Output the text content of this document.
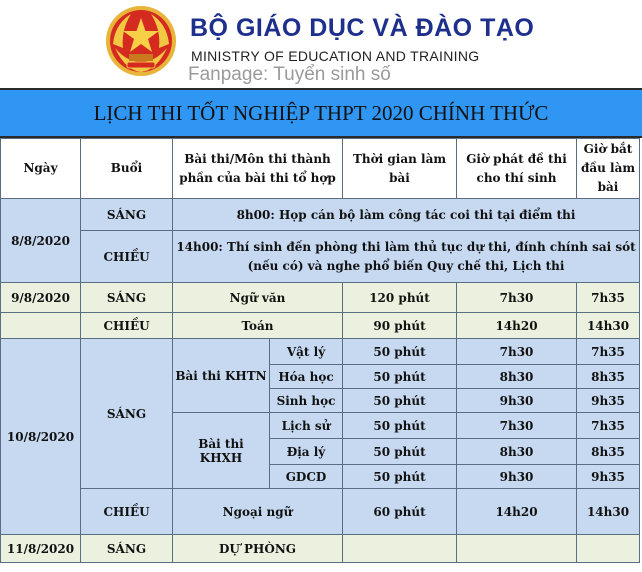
BỘ GIÁO DỤC VÀ ĐÀO TẠO
MINISTRY OF EDUCATION AND TRAINING
Fanpage: Tuyển sinh số
LỊCH THI TỐT NGHIỆP THPT 2020 CHÍNH THỨC
Ngày	Buổi	Bài thi/Môn thi thành phần của bài thi tổ hợp		Thời gian làm bài	Giờ phát đề thi cho thí sinh	Giờ bắt đầu làm bài
8/8/2020	SÁNG	8h00: Họp cán bộ làm công tác coi thi tại điểm thi				
	CHIỀU	14h00: Thí sinh đến phòng thi làm thủ tục dự thi, đính chính sai sót (nếu có) và nghe phổ biến Quy chế thi, Lịch thi				
9/8/2020	SÁNG	Ngữ văn		120 phút	7h30	7h35
	CHIỀU	Toán		90 phút	14h20	14h30
10/8/2020	SÁNG	Bài thi KHTN	Vật lý	50 phút	7h30	7h35
			Hóa học	50 phút	8h30	8h35
			Sinh học	50 phút	9h30	9h35
		Bài thi KHXH	Lịch sử	50 phút	7h30	7h35
			Địa lý	50 phút	8h30	8h35
			GDCD	50 phút	9h30	9h35
	CHIỀU	Ngoại ngữ		60 phút	14h20	14h30
11/8/2020	SÁNG	DỰ PHÒNG				
